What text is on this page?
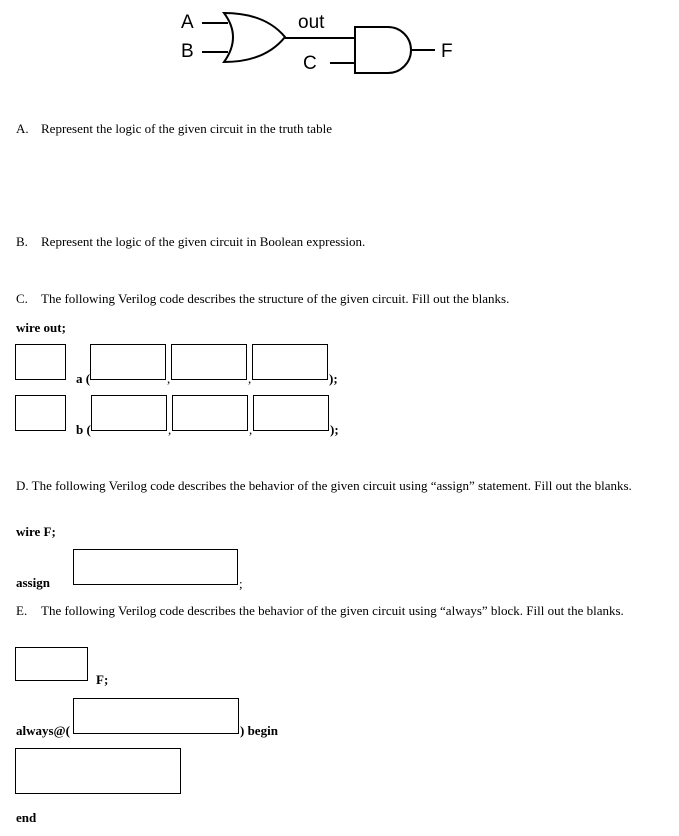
A
B
out
C
F
A. Represent the logic of the given circuit in the truth table
B. Represent the logic of the given circuit in Boolean expression.
C. The following Verilog code describes the structure of the given circuit. Fill out the blanks.
wire out;
a (	,	,	);
b (	,	,	);
D. The following Verilog code describes the behavior of the given circuit using “assign” statement. Fill out the blanks.
wire F;
assign	;
E. The following Verilog code describes the behavior of the given circuit using “always” block. Fill out the blanks.
F;
always@(	) begin
end
